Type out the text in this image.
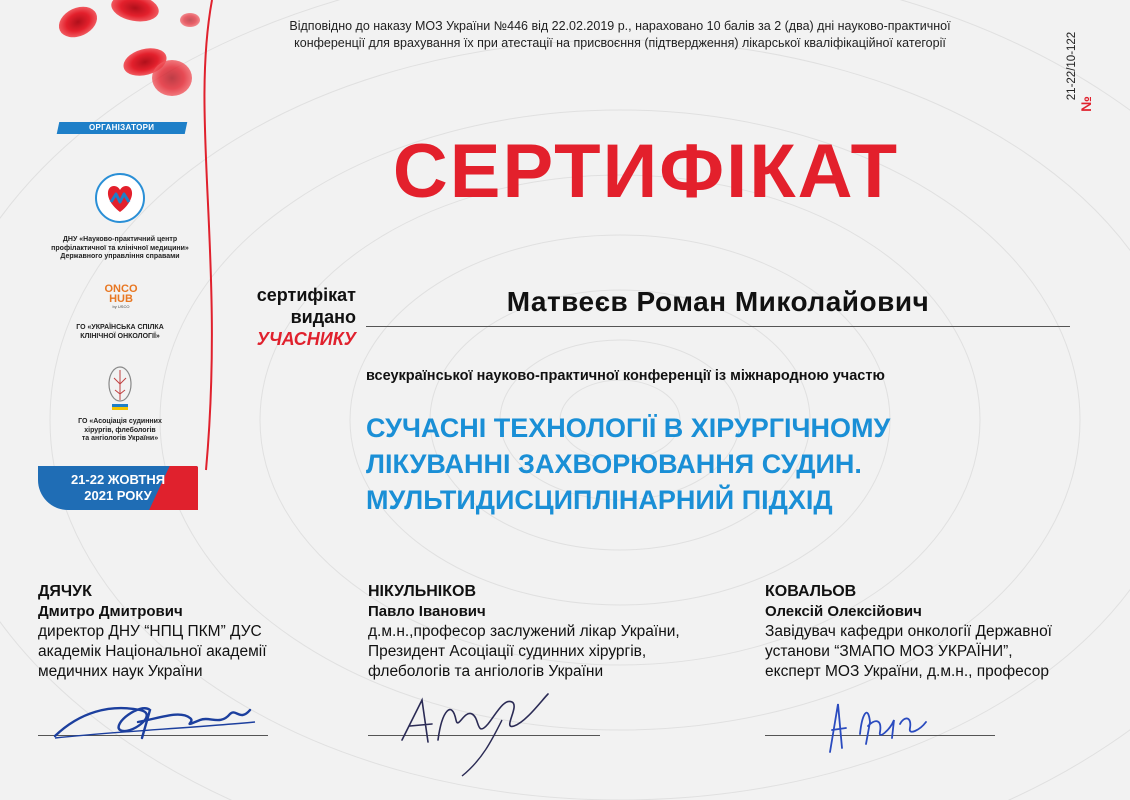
ОРГАНІЗАТОРИ
ДНУ «Науково-практичний центр
профілактичної та клінічної медицини»
Державного управління справами
ONCO
HUB
by USCO
ГО «УКРАЇНСЬКА СПІЛКА
КЛІНІЧНОЇ ОНКОЛОГІЇ»
ГО «Асоціація судинних
хірургів, флебологів
та ангіологів України»
21-22 ЖОВТНЯ
2021 РОКУ
Відповідно до наказу МОЗ України №446 від 22.02.2019 р., нараховано 10 балів за 2 (два) дні науково-практичної
конференції для врахування їх при атестації на присвоєння (підтвердження) лікарської кваліфікаційної категорії	21-22/10-122
№
СЕРТИФІКАТ
сертифікат
видано
УЧАСНИКУ
Матвеєв Роман Миколайович
всеукраїнської науково-практичної конференції із міжнародною участю
СУЧАСНІ ТЕХНОЛОГІЇ В ХІРУРГІЧНОМУ
ЛІКУВАННІ ЗАХВОРЮВАННЯ СУДИН.
МУЛЬТИДИСЦИПЛІНАРНИЙ ПІДХІД
ДЯЧУК
Дмитро Дмитрович
директор ДНУ “НПЦ ПКМ” ДУС
академік Національної академії
медичних наук України
НІКУЛЬНІКОВ
Павло Іванович
д.м.н.,професор заслужений лікар України,
Президент Асоціації судинних хірургів,
флебологів та ангіологів України
КОВАЛЬОВ
Олексій Олексійович
Завідувач кафедри онкології Державної
установи “ЗМАПО МОЗ УКРАЇНИ”,
експерт МОЗ України, д.м.н., професор
